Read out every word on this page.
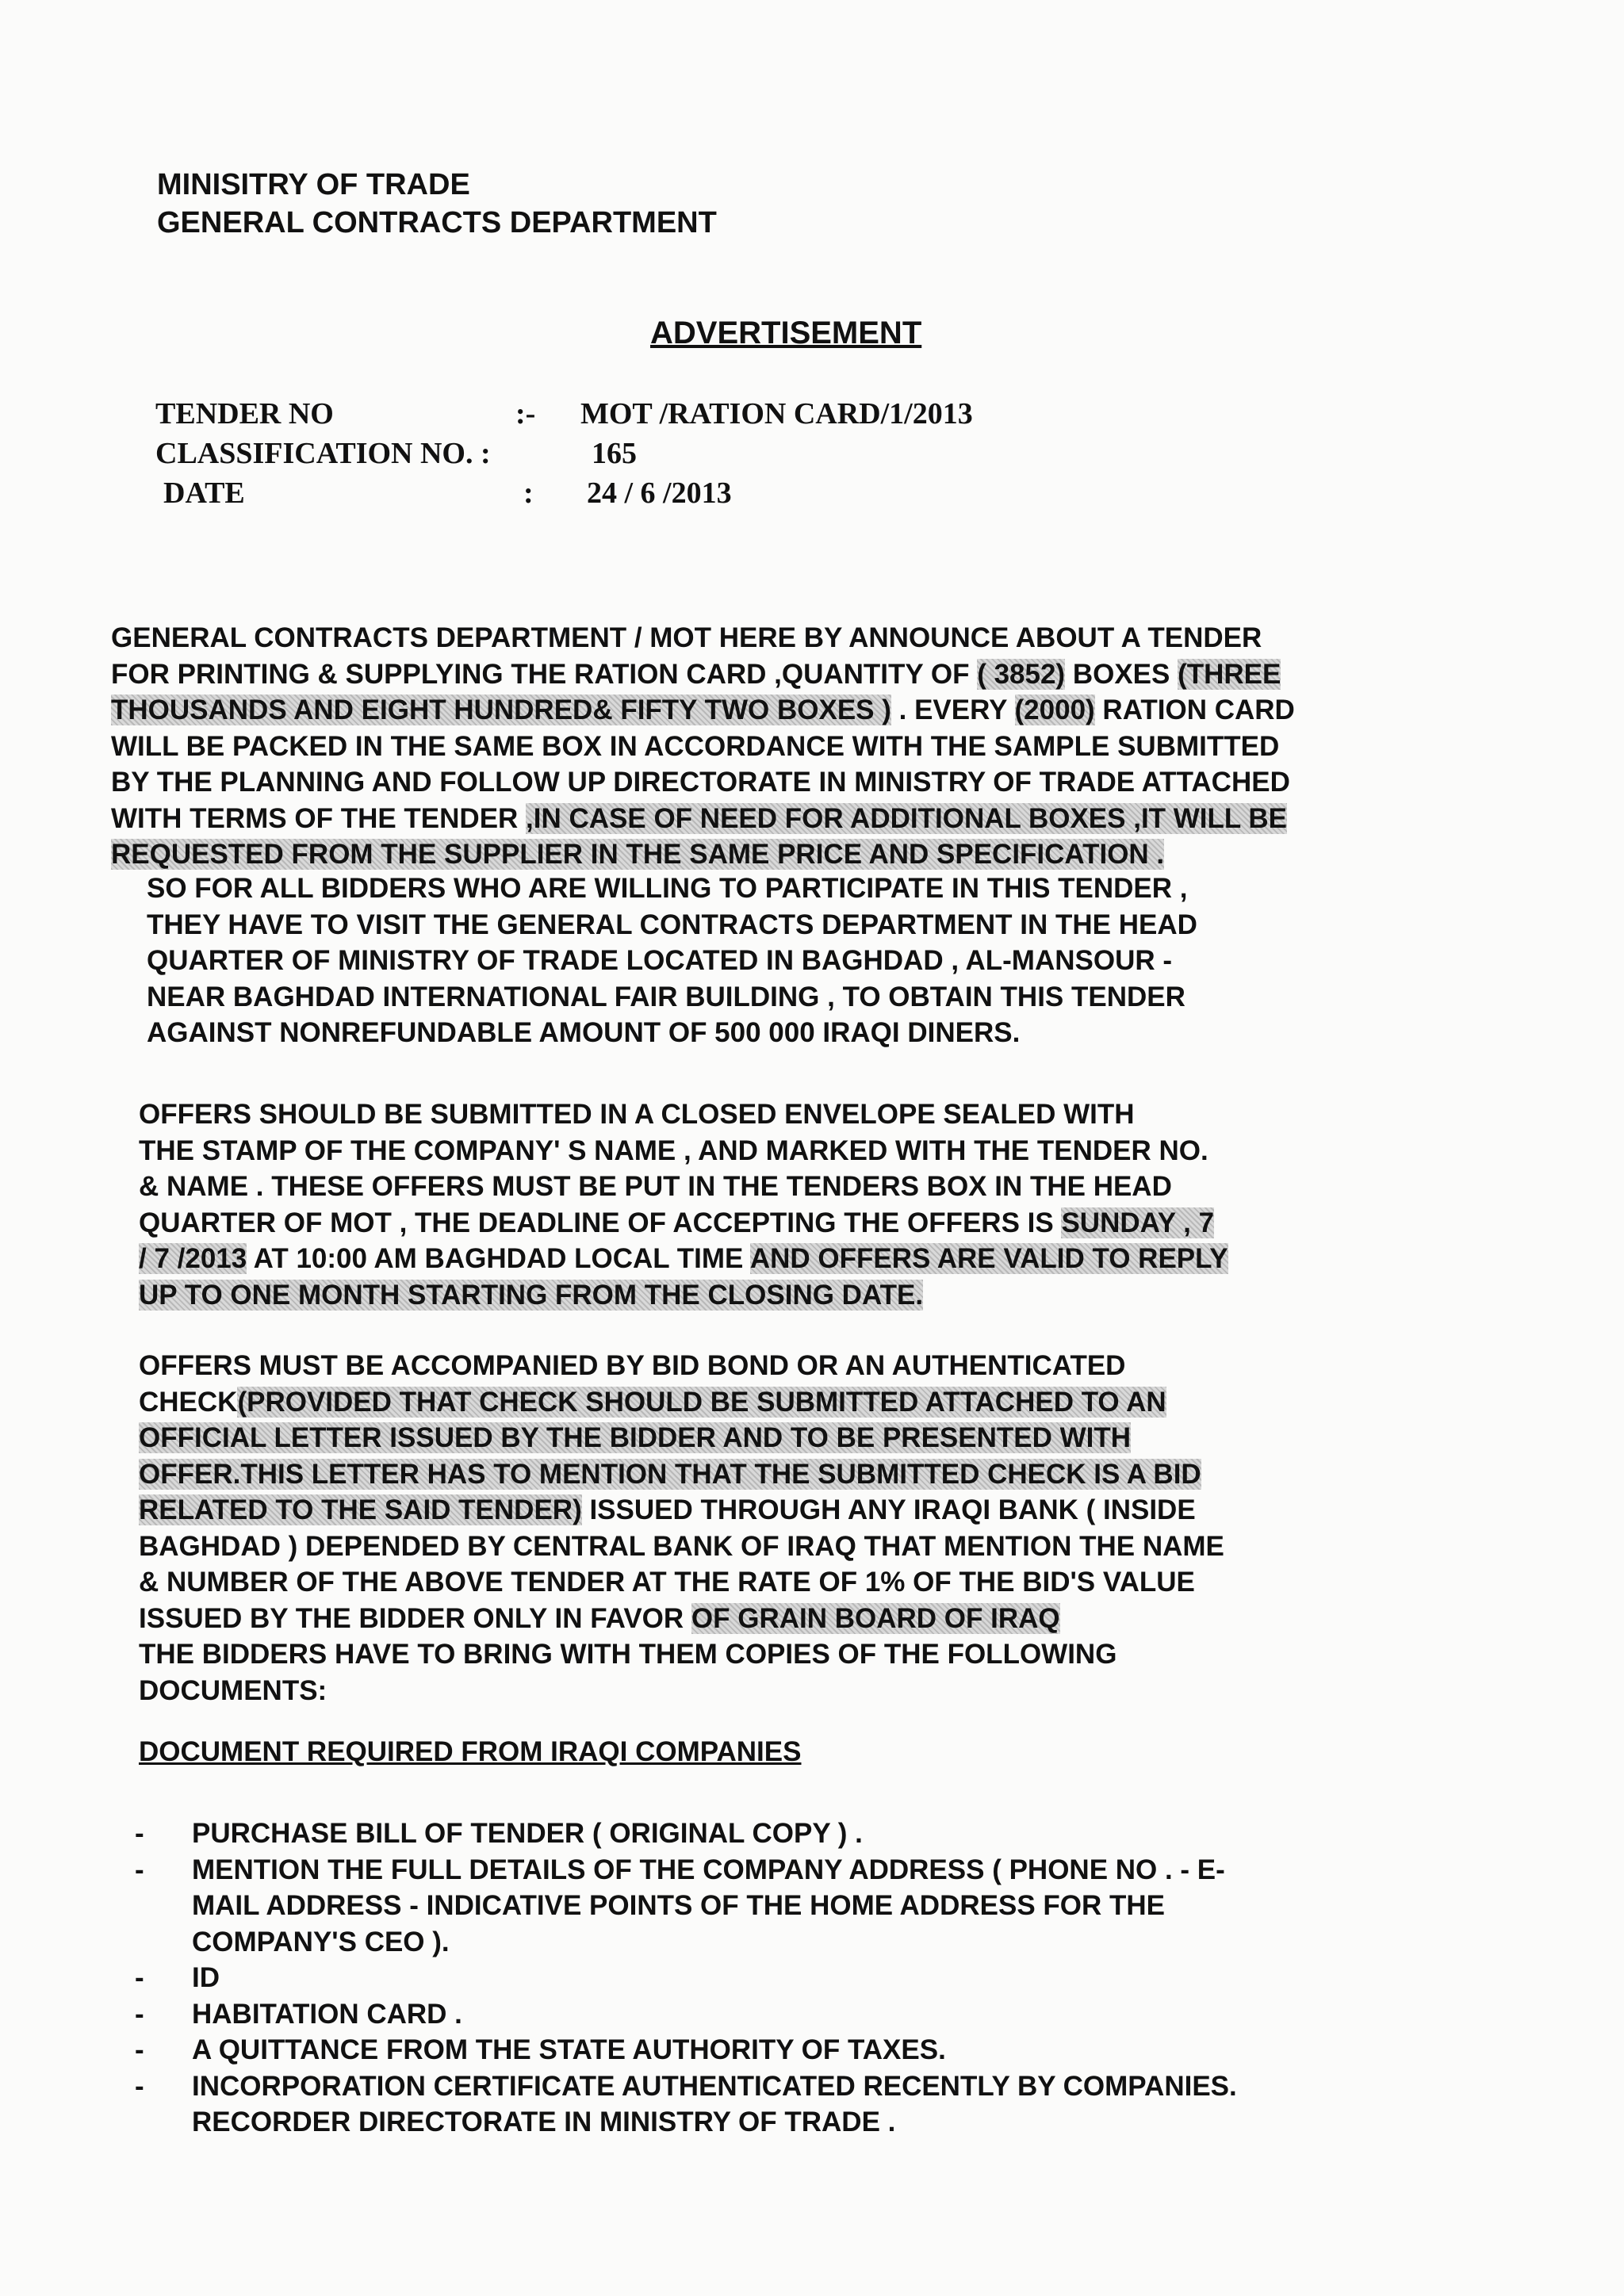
MINISITRY OF TRADE
GENERAL CONTRACTS DEPARTMENT
ADVERTISEMENT
TENDER NO	:- MOT /RATION CARD/1/2013
CLASSIFICATION NO. :	165
DATE	: 24 / 6 /2013
GENERAL CONTRACTS DEPARTMENT / MOT HERE BY ANNOUNCE ABOUT A TENDER
FOR PRINTING & SUPPLYING THE RATION CARD ,QUANTITY OF ( 3852) BOXES (THREE
THOUSANDS AND EIGHT HUNDRED& FIFTY TWO BOXES ) . EVERY (2000) RATION CARD
WILL BE PACKED IN THE SAME BOX IN ACCORDANCE WITH THE SAMPLE SUBMITTED
BY THE PLANNING AND FOLLOW UP DIRECTORATE IN MINISTRY OF TRADE ATTACHED
WITH TERMS OF THE TENDER ,IN CASE OF NEED FOR ADDITIONAL BOXES ,IT WILL BE
REQUESTED FROM THE SUPPLIER IN THE SAME PRICE AND SPECIFICATION .
SO FOR ALL BIDDERS WHO ARE WILLING TO PARTICIPATE IN THIS TENDER ,
THEY HAVE TO VISIT THE GENERAL CONTRACTS DEPARTMENT IN THE HEAD
QUARTER OF MINISTRY OF TRADE LOCATED IN BAGHDAD , AL-MANSOUR -
NEAR BAGHDAD INTERNATIONAL FAIR BUILDING , TO OBTAIN THIS TENDER
AGAINST NONREFUNDABLE AMOUNT OF 500 000 IRAQI DINERS.
OFFERS SHOULD BE SUBMITTED IN A CLOSED ENVELOPE SEALED WITH
THE STAMP OF THE COMPANY' S NAME , AND MARKED WITH THE TENDER NO.
& NAME . THESE OFFERS MUST BE PUT IN THE TENDERS BOX IN THE HEAD
QUARTER OF MOT , THE DEADLINE OF ACCEPTING THE OFFERS IS SUNDAY , 7
/ 7 /2013 AT 10:00 AM BAGHDAD LOCAL TIME AND OFFERS ARE VALID TO REPLY
UP TO ONE MONTH STARTING FROM THE CLOSING DATE.
OFFERS MUST BE ACCOMPANIED BY BID BOND OR AN AUTHENTICATED
CHECK(PROVIDED THAT CHECK SHOULD BE SUBMITTED ATTACHED TO AN
OFFICIAL LETTER ISSUED BY THE BIDDER AND TO BE PRESENTED WITH
OFFER.THIS LETTER HAS TO MENTION THAT THE SUBMITTED CHECK IS A BID
RELATED TO THE SAID TENDER) ISSUED THROUGH ANY IRAQI BANK ( INSIDE
BAGHDAD ) DEPENDED BY CENTRAL BANK OF IRAQ THAT MENTION THE NAME
& NUMBER OF THE ABOVE TENDER AT THE RATE OF 1% OF THE BID'S VALUE
ISSUED BY THE BIDDER ONLY IN FAVOR OF GRAIN BOARD OF IRAQ
THE BIDDERS HAVE TO BRING WITH THEM COPIES OF THE FOLLOWING
DOCUMENTS:
DOCUMENT REQUIRED FROM IRAQI COMPANIES
- PURCHASE BILL OF TENDER ( ORIGINAL COPY ) .
- MENTION THE FULL DETAILS OF THE COMPANY ADDRESS ( PHONE NO . - E-
MAIL ADDRESS - INDICATIVE POINTS OF THE HOME ADDRESS FOR THE
COMPANY'S CEO ).
- ID
- HABITATION CARD .
- A QUITTANCE FROM THE STATE AUTHORITY OF TAXES.
- INCORPORATION CERTIFICATE AUTHENTICATED RECENTLY BY COMPANIES.
RECORDER DIRECTORATE IN MINISTRY OF TRADE .
